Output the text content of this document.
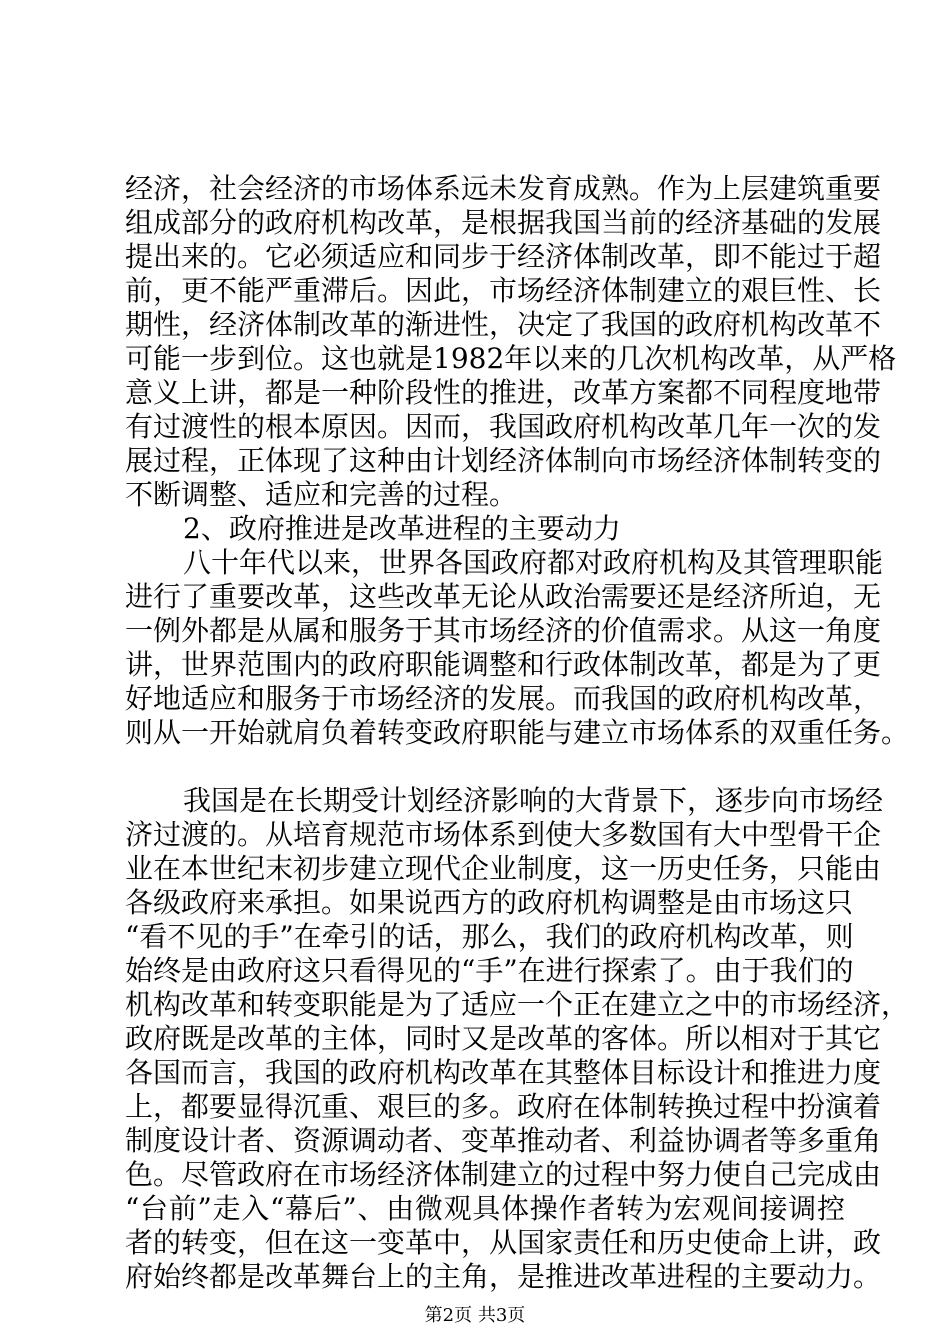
经济，社会经济的市场体系远未发育成熟。作为上层建筑重要
组成部分的政府机构改革，是根据我国当前的经济基础的发展
提出来的。它必须适应和同步于经济体制改革，即不能过于超
前，更不能严重滞后。因此，市场经济体制建立的艰巨性、长
期性，经济体制改革的渐进性，决定了我国的政府机构改革不
可能一步到位。这也就是1982年以来的几次机构改革，从严格
意义上讲，都是一种阶段性的推进，改革方案都不同程度地带
有过渡性的根本原因。因而，我国政府机构改革几年一次的发
展过程，正体现了这种由计划经济体制向市场经济体制转变的
不断调整、适应和完善的过程。
2、政府推进是改革进程的主要动力
八十年代以来，世界各国政府都对政府机构及其管理职能
进行了重要改革，这些改革无论从政治需要还是经济所迫，无
一例外都是从属和服务于其市场经济的价值需求。从这一角度
讲，世界范围内的政府职能调整和行政体制改革，都是为了更
好地适应和服务于市场经济的发展。而我国的政府机构改革，
则从一开始就肩负着转变政府职能与建立市场体系的双重任务。
我国是在长期受计划经济影响的大背景下，逐步向市场经
济过渡的。从培育规范市场体系到使大多数国有大中型骨干企
业在本世纪末初步建立现代企业制度，这一历史任务，只能由
各级政府来承担。如果说西方的政府机构调整是由市场这只
“看不见的手”在牵引的话，那么，我们的政府机构改革，则
始终是由政府这只看得见的“手”在进行探索了。由于我们的
机构改革和转变职能是为了适应一个正在建立之中的市场经济，
政府既是改革的主体，同时又是改革的客体。所以相对于其它
各国而言，我国的政府机构改革在其整体目标设计和推进力度
上，都要显得沉重、艰巨的多。政府在体制转换过程中扮演着
制度设计者、资源调动者、变革推动者、利益协调者等多重角
色。尽管政府在市场经济体制建立的过程中努力使自己完成由
“台前”走入“幕后”、由微观具体操作者转为宏观间接调控
者的转变，但在这一变革中，从国家责任和历史使命上讲，政
府始终都是改革舞台上的主角，是推进改革进程的主要动力。
第2页 共3页
